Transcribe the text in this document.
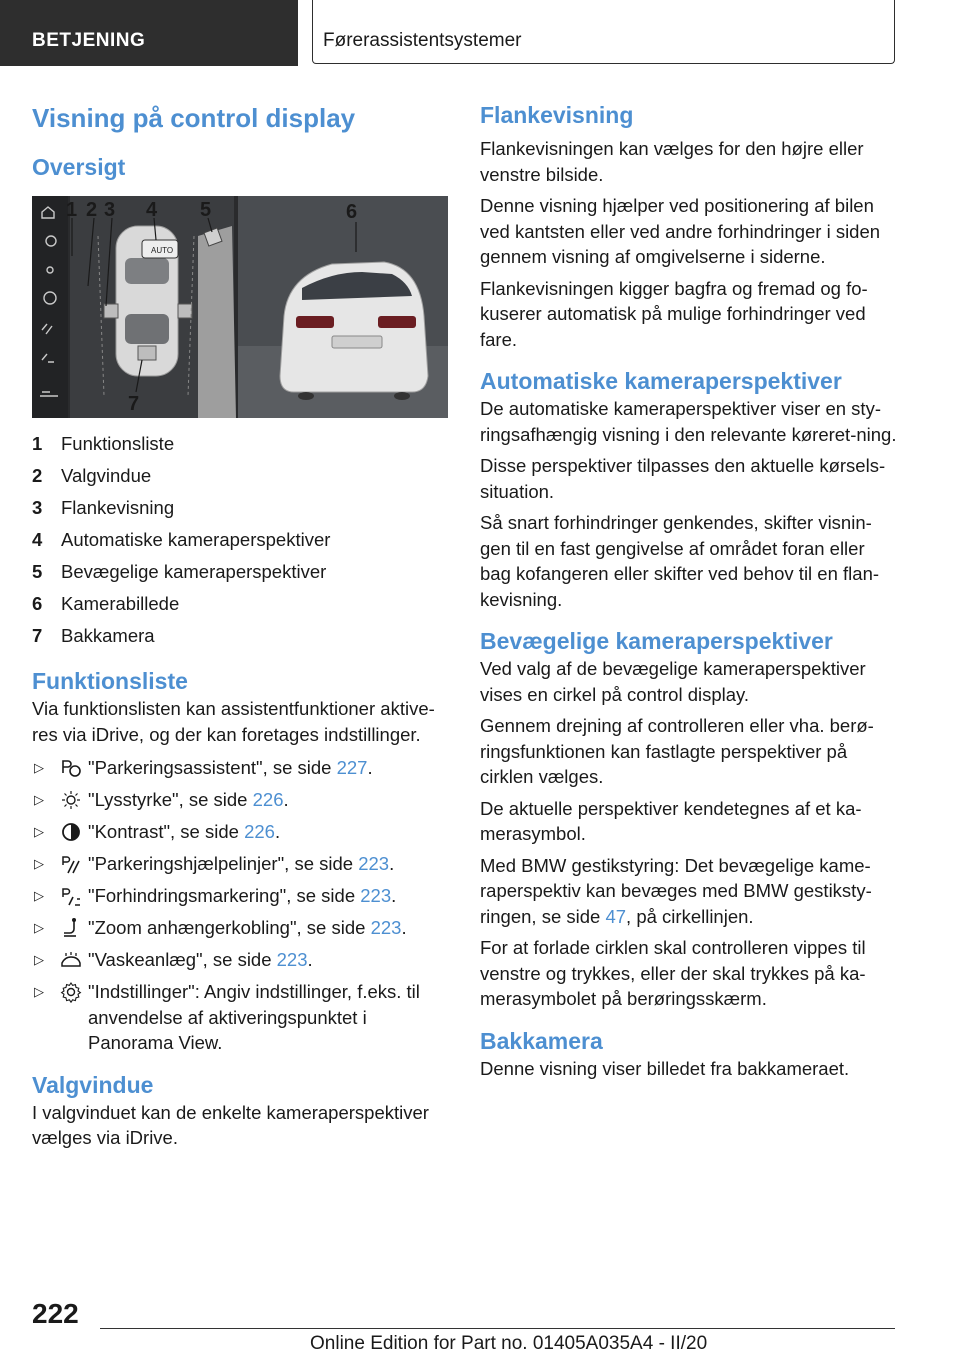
BETJENING	Førerassistentsystemer
Visning på control display
Oversigt
AUTO
1 2 3 4 5	6
7
1	Funktionsliste
2	Valgvindue
3	Flankevisning
4	Automatiske kameraperspektiver
5	Bevægelige kameraperspektiver
6	Kamerabillede
7	Bakkamera
Funktionsliste

Via funktionslisten kan assistentfunktioner aktive-res via iDrive, og der kan foretages indstillinger.

▷ "Parkeringsassistent", se side 227.
▷ "Lysstyrke", se side 226.
▷ "Kontrast", se side 226.
▷ "Parkeringshjælpelinjer", se side 223.
▷ "Forhindringsmarkering", se side 223.
▷ "Zoom anhængerkobling", se side 223.
▷ "Vaskeanlæg", se side 223.
▷ "Indstillinger": Angiv indstillinger, f.eks. til anvendelse af aktiveringspunktet i Panorama View.
Valgvindue

I valgvinduet kan de enkelte kameraperspektiver vælges via iDrive.

Flankevisning

Flankevisningen kan vælges for den højre eller venstre bilside.

Denne visning hjælper ved positionering af bilen ved kantsten eller ved andre forhindringer i siden gennem visning af omgivelserne i siderne.

Flankevisningen kigger bagfra og fremad og fo-kuserer automatisk på mulige forhindringer ved fare.

Automatiske kameraperspektiver

De automatiske kameraperspektiver viser en sty-ringsafhængig visning i den relevante køreret-ning.

Disse perspektiver tilpasses den aktuelle kørsels-situation.

Så snart forhindringer genkendes, skifter visnin-gen til en fast gengivelse af området foran eller bag kofangeren eller skifter ved behov til en flan-kevisning.

Bevægelige kameraperspektiver

Ved valg af de bevægelige kameraperspektiver vises en cirkel på control display.

Gennem drejning af controlleren eller vha. berø-ringsfunktionen kan fastlagte perspektiver på cirklen vælges.

De aktuelle perspektiver kendetegnes af et ka-merasymbol.

Med BMW gestikstyring: Det bevægelige kame-raperspektiv kan bevæges med BMW gestiksty-ringen, se side 47, på cirkellinjen.

For at forlade cirklen skal controlleren vippes til venstre og trykkes, eller der skal trykkes på ka-merasymbolet på berøringsskærm.

Bakkamera

Denne visning viser billedet fra bakkameraet.

222
Online Edition for Part no. 01405A035A4 - II/20
